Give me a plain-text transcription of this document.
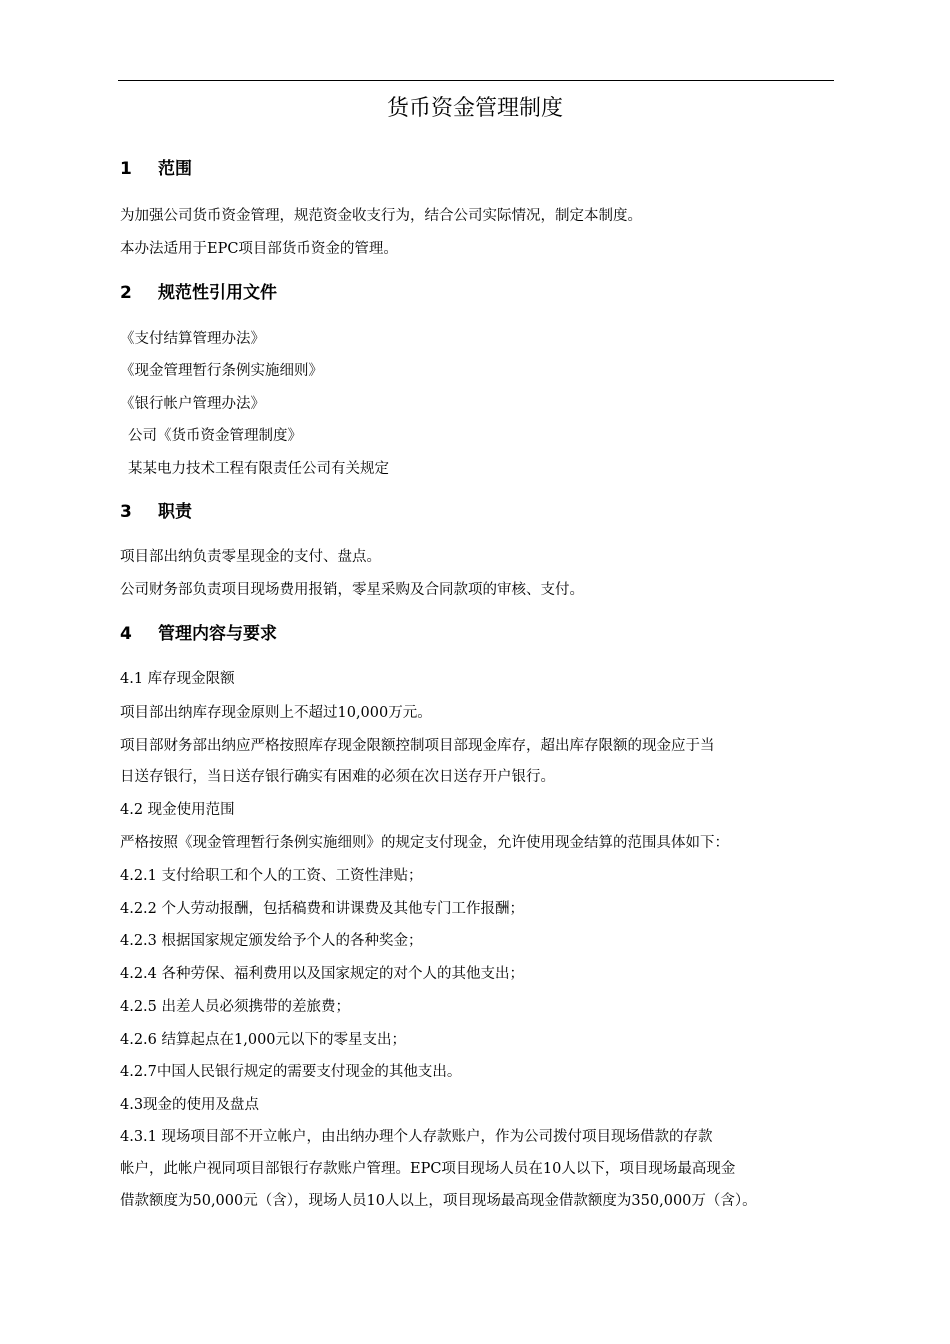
货币资金管理制度
1 范围

为加强公司货币资金管理，规范资金收支行为，结合公司实际情况，制定本制度。

本办法适用于EPC项目部货币资金的管理。

2 规范性引用文件

《支付结算管理办法》

《现金管理暂行条例实施细则》

《银行帐户管理办法》

公司《货币资金管理制度》

某某电力技术工程有限责任公司有关规定

3 职责

项目部出纳负责零星现金的支付、盘点。

公司财务部负责项目现场费用报销，零星采购及合同款项的审核、支付。

4 管理内容与要求

4.1 库存现金限额

项目部出纳库存现金原则上不超过10,000万元。

项目部财务部出纳应严格按照库存现金限额控制项目部现金库存，超出库存限额的现金应于当

日送存银行，当日送存银行确实有困难的必须在次日送存开户银行。

4.2 现金使用范围

严格按照《现金管理暂行条例实施细则》的规定支付现金，允许使用现金结算的范围具体如下：

4.2.1 支付给职工和个人的工资、工资性津贴；

4.2.2 个人劳动报酬，包括稿费和讲课费及其他专门工作报酬；

4.2.3 根据国家规定颁发给予个人的各种奖金；

4.2.4 各种劳保、福利费用以及国家规定的对个人的其他支出；

4.2.5 出差人员必须携带的差旅费；

4.2.6 结算起点在1,000元以下的零星支出；

4.2.7中国人民银行规定的需要支付现金的其他支出。

4.3现金的使用及盘点

4.3.1 现场项目部不开立帐户，由出纳办理个人存款账户，作为公司拨付项目现场借款的存款

帐户，此帐户视同项目部银行存款账户管理。EPC项目现场人员在10人以下，项目现场最高现金

借款额度为50,000元（含），现场人员10人以上，项目现场最高现金借款额度为350,000万（含）。
